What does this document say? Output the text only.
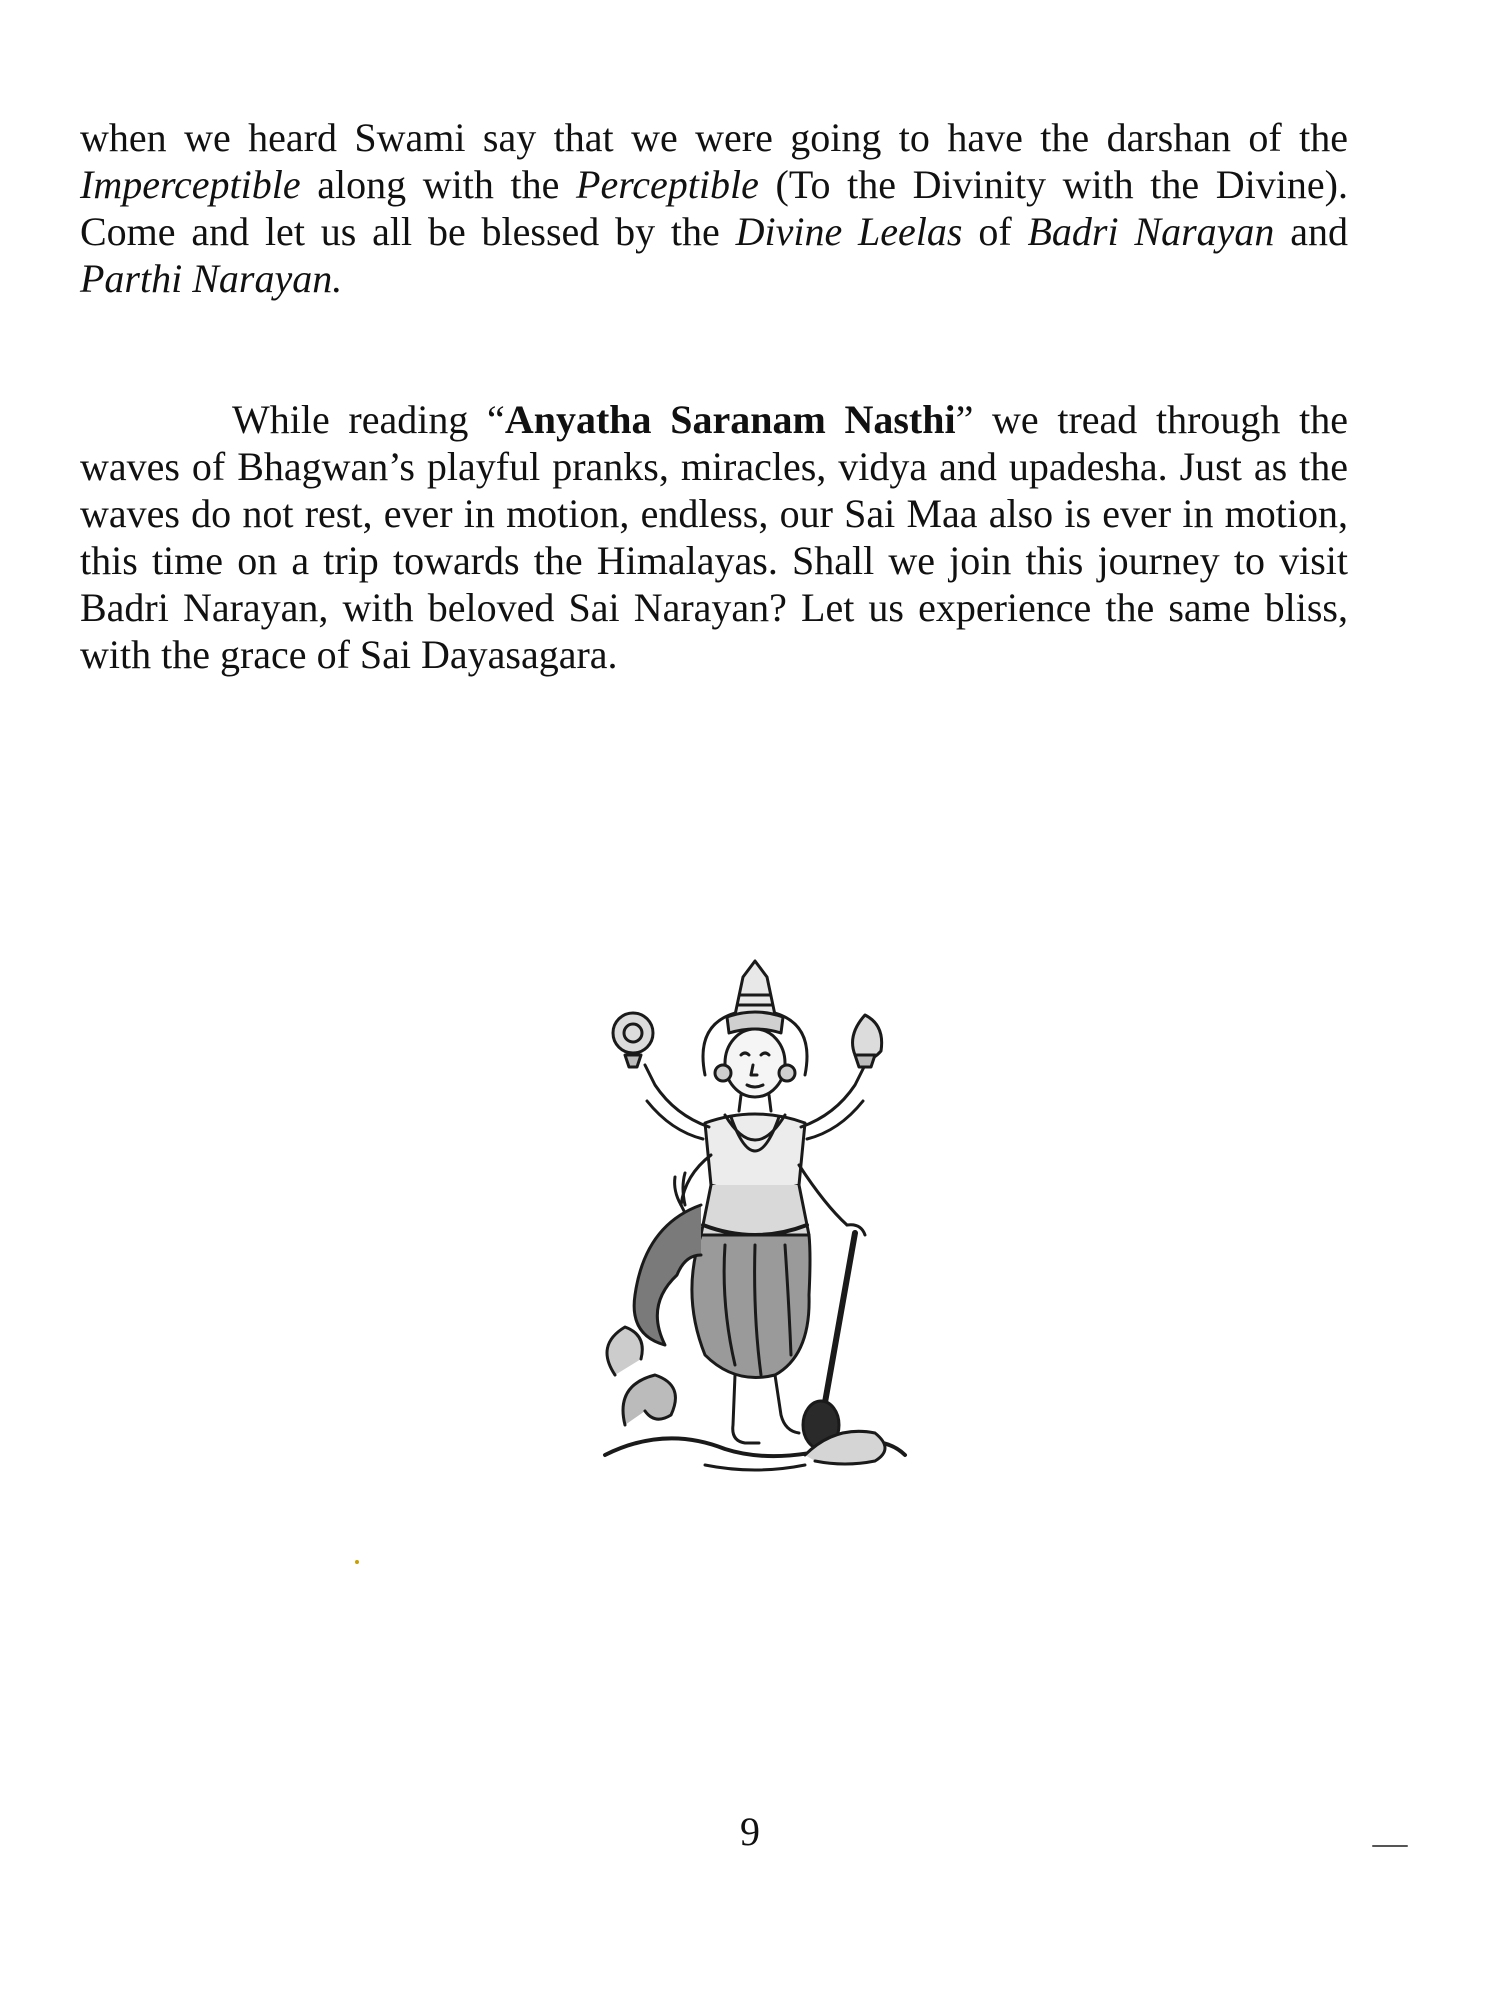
when we heard Swami say that we were going to have the darshan of the Imperceptible along with the Perceptible (To the Divinity with the Divine). Come and let us all be blessed by the Divine Leelas of Badri Narayan and Parthi Narayan.

While reading “Anyatha Saranam Nasthi” we tread through the waves of Bhagwan’s playful pranks, miracles, vidya and upadesha. Just as the waves do not rest, ever in motion, endless, our Sai Maa also is ever in motion, this time on a trip towards the Himalayas. Shall we join this journey to visit Badri Narayan, with beloved Sai Narayan? Let us experience the same bliss, with the grace of Sai Dayasagara.

9
